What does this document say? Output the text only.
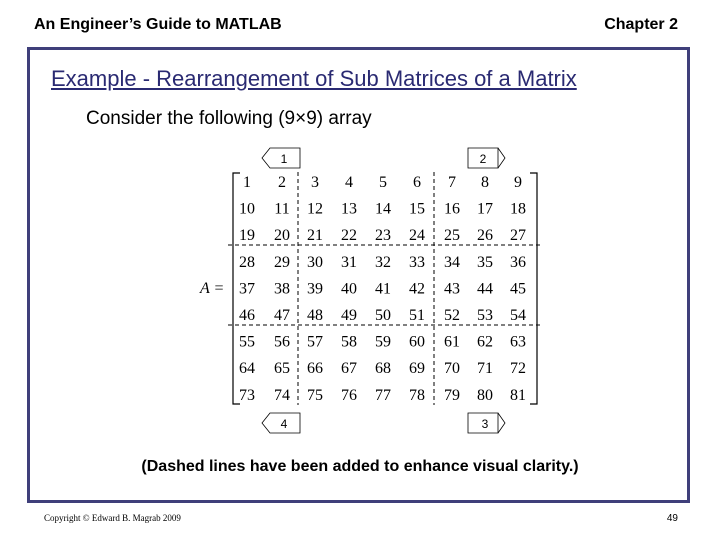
An Engineer’s Guide to MATLAB	Chapter 2
Example - Rearrangement of Sub Matrices of a Matrix
Consider the following (9×9) array
1	2
3
4
A =
1 2 3 4 5 6 7 8 9
10 11 12 13 14 15 16 17 18
19 20 21 22 23 24 25 26 27
28 29 30 31 32 33 34 35 36
37 38 39 40 41 42 43 44 45
46 47 48 49 50 51 52 53 54
55 56 57 58 59 60 61 62 63
64 65 66 67 68 69 70 71 72
73 74 75 76 77 78 79 80 81
(Dashed lines have been added to enhance visual clarity.)
Copyright © Edward B. Magrab 2009	49
